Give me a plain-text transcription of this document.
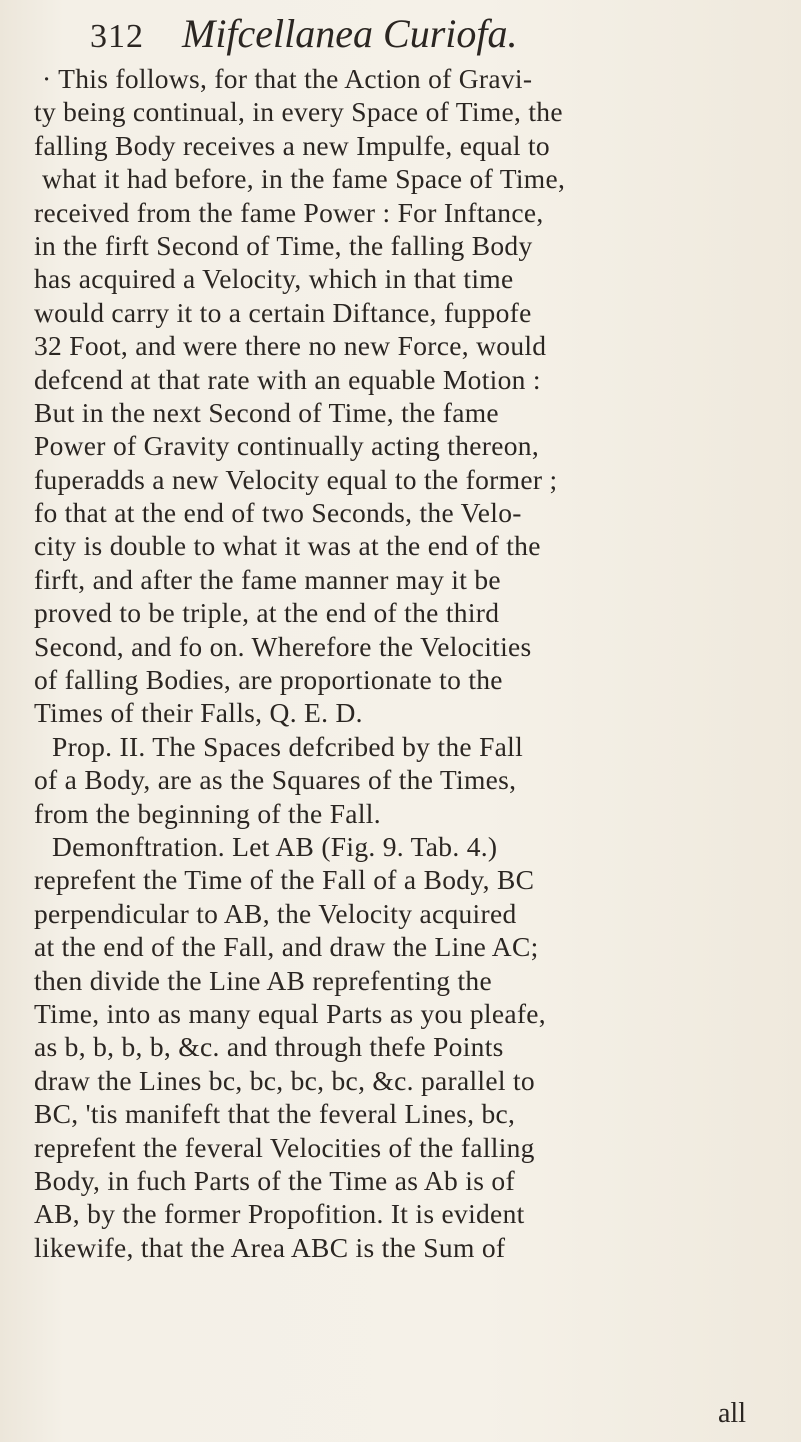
312 Mifcellanea Curiofa.
· This follows, for that the Action of Gravi-
ty being continual, in every Space of Time, the
falling Body receives a new Impulfe, equal to
what it had before, in the fame Space of Time,
received from the fame Power : For Inftance,
in the firft Second of Time, the falling Body
has acquired a Velocity, which in that time
would carry it to a certain Diftance, fuppofe
32 Foot, and were there no new Force, would
defcend at that rate with an equable Motion :
But in the next Second of Time, the fame
Power of Gravity continually acting thereon,
fuperadds a new Velocity equal to the former ;
fo that at the end of two Seconds, the Velo-
city is double to what it was at the end of the
firft, and after the fame manner may it be
proved to be triple, at the end of the third
Second, and fo on. Wherefore the Velocities
of falling Bodies, are proportionate to the
Times of their Falls, Q. E. D.
Prop. II. The Spaces defcribed by the Fall
of a Body, are as the Squares of the Times,
from the beginning of the Fall.
Demonftration. Let AB (Fig. 9. Tab. 4.)
reprefent the Time of the Fall of a Body, BC
perpendicular to AB, the Velocity acquired
at the end of the Fall, and draw the Line AC;
then divide the Line AB reprefenting the
Time, into as many equal Parts as you pleafe,
as b, b, b, b, &c. and through thefe Points
draw the Lines bc, bc, bc, bc, &c. parallel to
BC, 'tis manifeft that the feveral Lines, bc,
reprefent the feveral Velocities of the falling
Body, in fuch Parts of the Time as Ab is of
AB, by the former Propofition. It is evident
likewife, that the Area ABC is the Sum of
all
